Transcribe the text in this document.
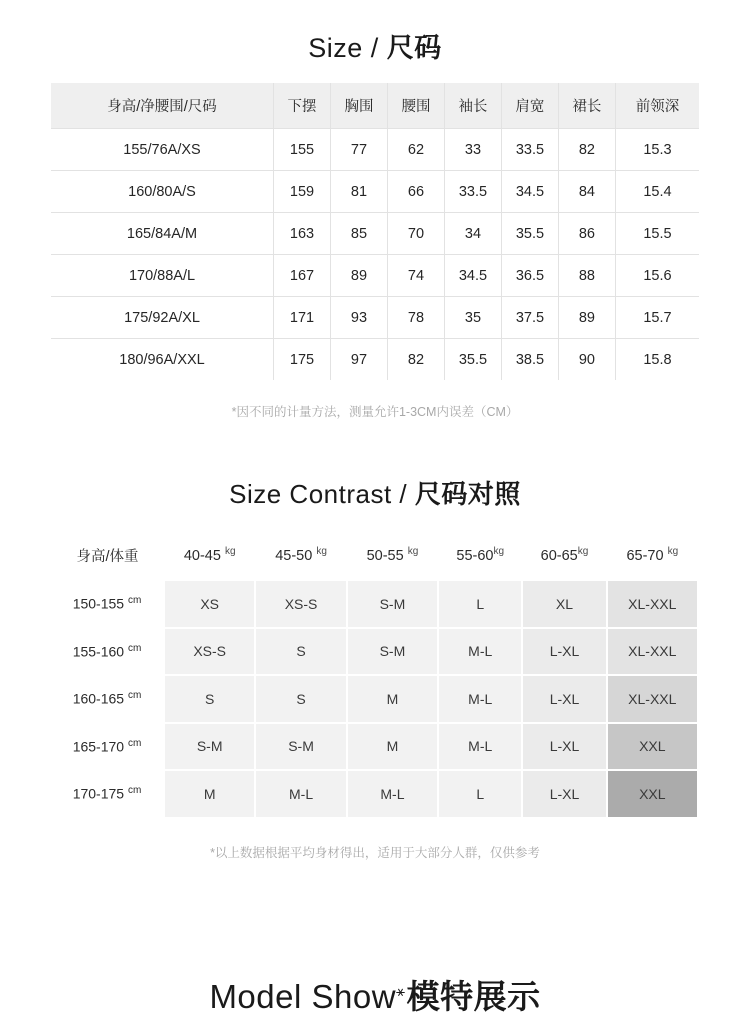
Size / 尺码
身高/净腰围/尺码	下摆	胸围	腰围	袖长	肩宽	裙长	前领深
155/76A/XS	155	77	62	33	33.5	82	15.3
160/80A/S	159	81	66	33.5	34.5	84	15.4
165/84A/M	163	85	70	34	35.5	86	15.5
170/88A/L	167	89	74	34.5	36.5	88	15.6
175/92A/XL	171	93	78	35	37.5	89	15.7
180/96A/XXL	175	97	82	35.5	38.5	90	15.8
*因不同的计量方法，测量允许1-3CM内误差（CM）
Size Contrast / 尺码对照
身高/体重	40-45 $^{kg}$	45-50 $^{kg}$	50-55 $^{kg}$	$55-60^{kg}$	$60-65^{kg}$	65-70 $^{kg}$
150-155 $^{cm}$	XS	XS-S	S-M	L	XL	XL-XXL
155-160 $^{cm}$	XS-S	S	S-M	M-L	L-XL	XL-XXL
160-165 $^{cm}$	S	S	M	M-L	L-XL	XL-XXL
165-170 $^{cm}$	S-M	S-M	M	M-L	L-XL	XXL
170-175 $^{cm}$	M	M-L	M-L	L	L-XL	XXL
*以上数据根据平均身材得出，适用于大部分人群，仅供参考
Model Show⚹模特展示
